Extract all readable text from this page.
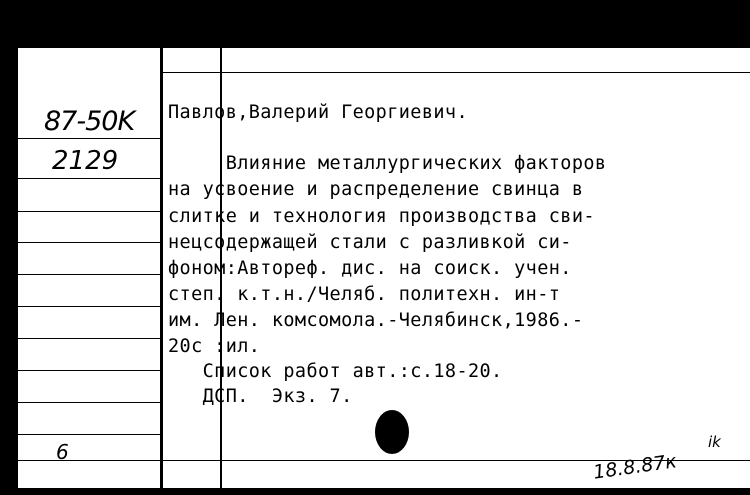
87-50K
2129
Павлов,Валерий Георгиевич.
Влияние металлургических факторов
на усвоение и распределение свинца в
слитке и технология производства сви-
нецсодержащей стали с разливкой си-
фоном:Автореф. дис. на соиск. учен.
степ. к.т.н./Челяб. политехн. ин-т
им. Лен. комсомола.-Челябинск,1986.-
20с :ил.
Список работ авт.:с.18-20.
ДСП.  Экз. 7.
6	18.8.87к
ik
